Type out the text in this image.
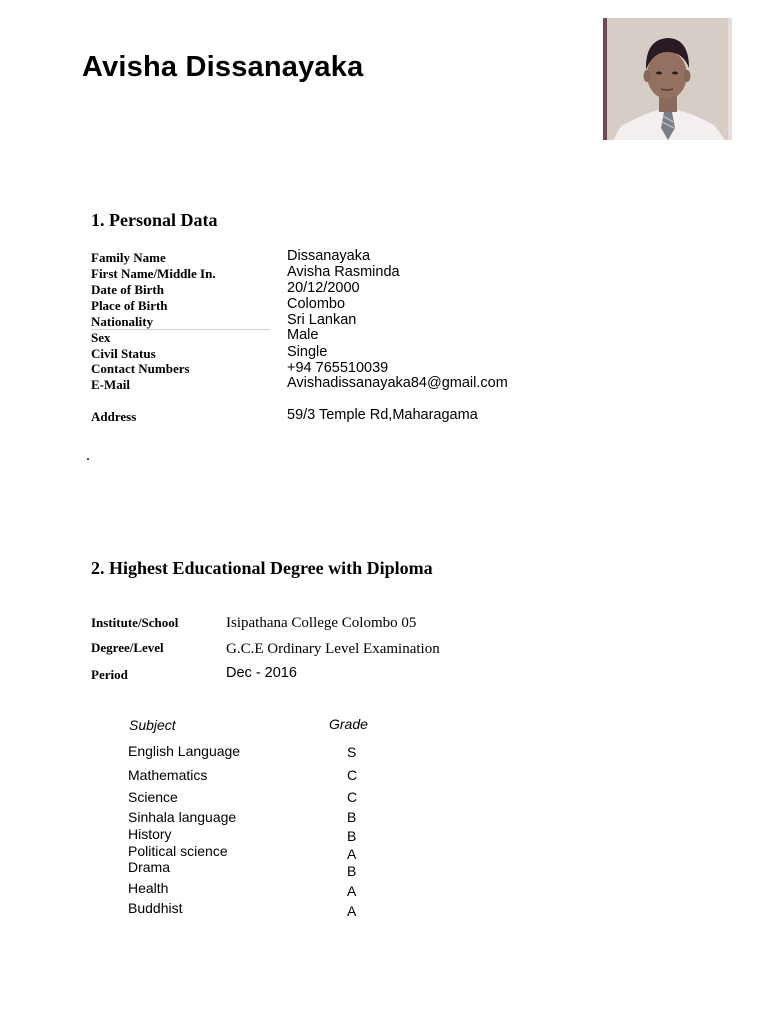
Avisha Dissanayaka
1. Personal Data
Family Name	Dissanayaka
First Name/Middle In.	Avisha Rasminda
Date of Birth	20/12/2000
Place of Birth	Colombo
Nationality	Sri Lankan
Sex	Male
Civil Status	Single
Contact Numbers	+94 765510039
E-Mail	Avishadissanayaka84@gmail.com
Address	59/3 Temple Rd,Maharagama
2. Highest Educational Degree with Diploma
Institute/School	Isipathana College Colombo 05
Degree/Level	G.C.E Ordinary Level Examination
Period	Dec - 2016
Subject	Grade
English Language	S
Mathematics	C
Science	C
Sinhala language	B
History	B
Political science	A
Drama	B
Health	A
Buddhist	A
